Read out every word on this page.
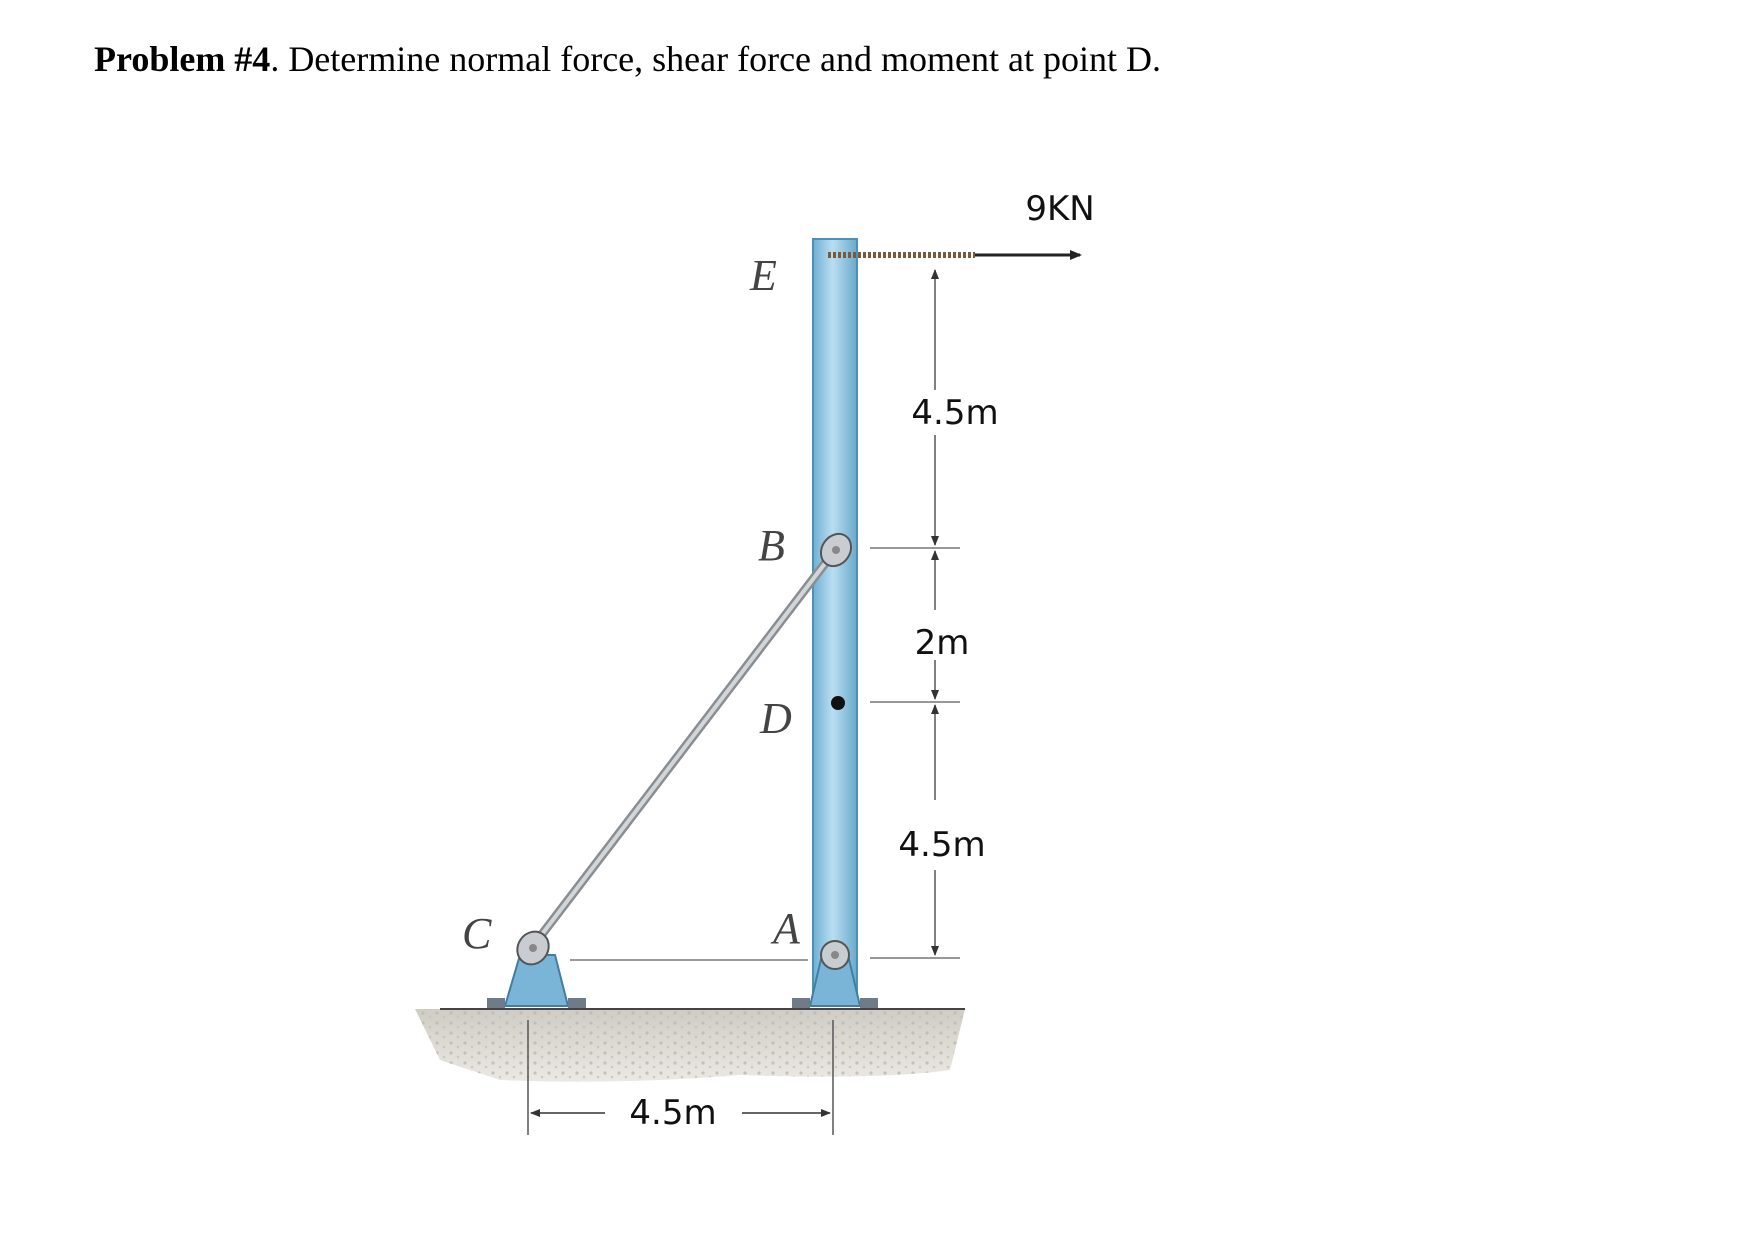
Problem #4. Determine normal force, shear force and moment at point D.
4.5m
9KN
4.5m
2m
4.5m
E
B
D
A
C
